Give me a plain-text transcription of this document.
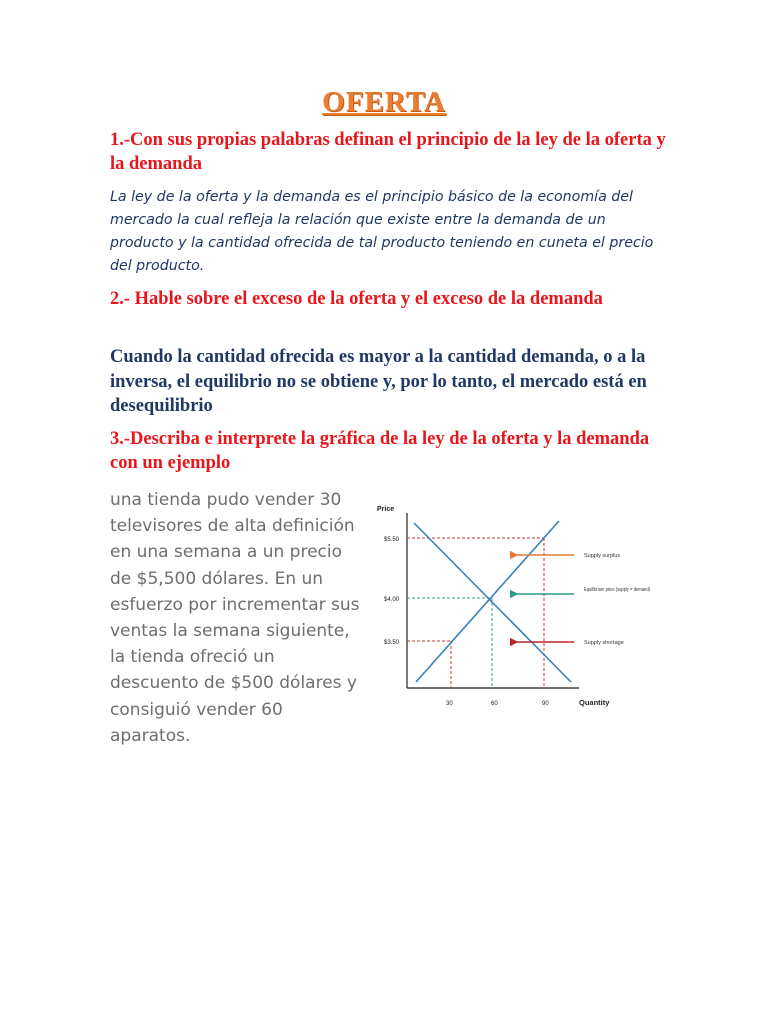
OFERTA

1.-Con sus propias palabras definan el principio de la ley de la oferta y la demanda

La ley de la oferta y la demanda es el principio básico de la economía del mercado la cual refleja la relación que existe entre la demanda de un producto y la cantidad ofrecida de tal producto teniendo en cuneta el precio del producto.

2.- Hable sobre el exceso de la oferta y el exceso de la demanda

Cuando la cantidad ofrecida es mayor a la cantidad demanda, o a la inversa, el equilibrio no se obtiene y, por lo tanto, el mercado está en desequilibrio

3.-Describa e interprete la gráfica de la ley de la oferta y la demanda con un ejemplo

una tienda pudo vender 30 televisores de alta definición en una semana a un precio de $5,500 dólares. En un esfuerzo por incrementar sus ventas la semana siguiente, la tienda ofreció un descuento de $500 dólares y consiguió vender 60 aparatos.

Price
Quantity
$5.50
$4.00
$3.50
30	60	90
Supply surplus
Equilibrium price (supply = demand)
Supply shortage
